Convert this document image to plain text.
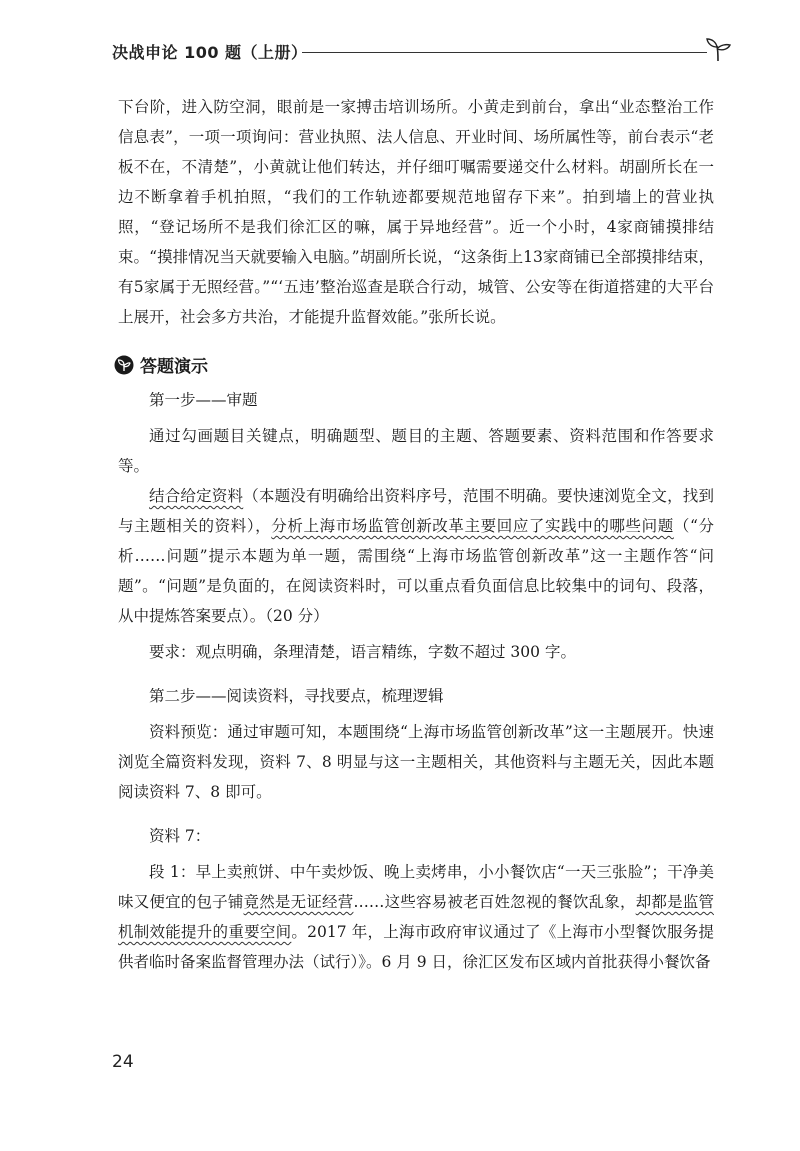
决战申论 100 题（上册）

下台阶，进入防空洞，眼前是一家搏击培训场所。小黄走到前台，拿出“业态整治工作信息表”，一项一项询问：营业执照、法人信息、开业时间、场所属性等，前台表示“老板不在，不清楚”，小黄就让他们转达，并仔细叮嘱需要递交什么材料。胡副所长在一边不断拿着手机拍照，“我们的工作轨迹都要规范地留存下来”。拍到墙上的营业执照，“登记场所不是我们徐汇区的嘛，属于异地经营”。近一个小时，4家商铺摸排结束。“摸排情况当天就要输入电脑。”胡副所长说，“这条街上13家商铺已全部摸排结束，有5家属于无照经营。”“‘五违’整治巡查是联合行动，城管、公安等在街道搭建的大平台上展开，社会多方共治，才能提升监督效能。”张所长说。

答题演示

第一步——审题

通过勾画题目关键点，明确题型、题目的主题、答题要素、资料范围和作答要求等。

结合给定资料（本题没有明确给出资料序号，范围不明确。要快速浏览全文，找到与主题相关的资料），分析上海市场监管创新改革主要回应了实践中的哪些问题（“分析……问题”提示本题为单一题，需围绕“上海市场监管创新改革”这一主题作答“问题”。“问题”是负面的，在阅读资料时，可以重点看负面信息比较集中的词句、段落，从中提炼答案要点）。（20 分）

要求：观点明确，条理清楚，语言精练，字数不超过 300 字。

第二步——阅读资料，寻找要点，梳理逻辑

资料预览：通过审题可知，本题围绕“上海市场监管创新改革”这一主题展开。快速浏览全篇资料发现，资料 7、8 明显与这一主题相关，其他资料与主题无关，因此本题阅读资料 7、8 即可。

资料 7：

段 1：早上卖煎饼、中午卖炒饭、晚上卖烤串，小小餐饮店“一天三张脸”；干净美味又便宜的包子铺竟然是无证经营……这些容易被老百姓忽视的餐饮乱象，却都是监管机制效能提升的重要空间。2017 年，上海市政府审议通过了《上海市小型餐饮服务提供者临时备案监督管理办法（试行）》。6 月 9 日，徐汇区发布区域内首批获得小餐饮备

24
